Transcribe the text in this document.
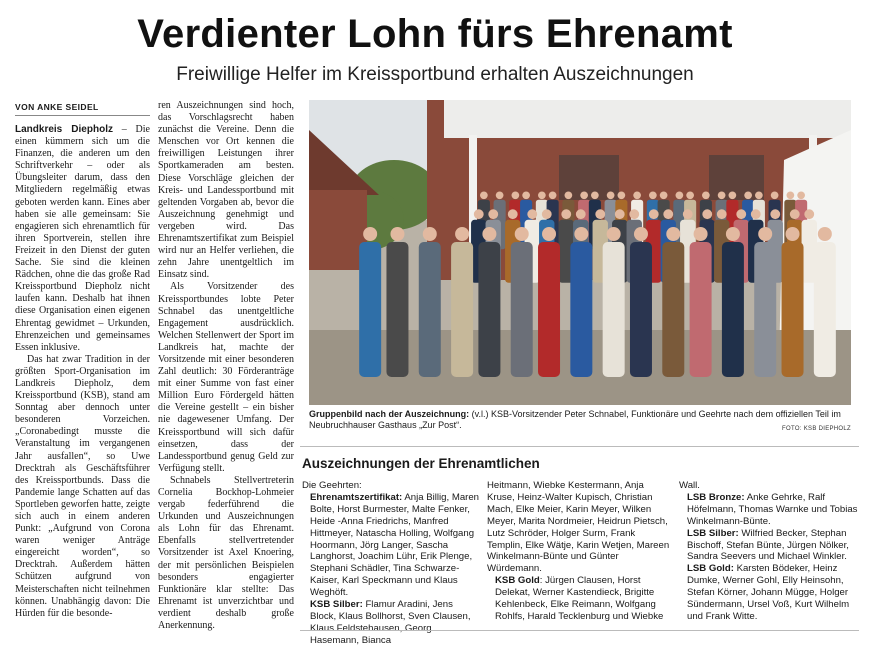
Verdienter Lohn fürs Ehrenamt
Freiwillige Helfer im Kreissportbund erhalten Auszeichnungen
VON ANKE SEIDEL

Landkreis Diepholz – Die einen kümmern sich um die Finanzen, die anderen um den Schriftverkehr – oder als Übungsleiter darum, dass den Mitgliedern regelmäßig etwas geboten werden kann. Eines aber haben sie alle gemeinsam: Sie engagieren sich ehrenamtlich für ihren Sportverein, stellen ihre Freizeit in den Dienst der guten Sache. Sie sind die kleinen Rädchen, ohne die das große Rad Kreissportbund Diepholz nicht laufen kann. Deshalb hat ihnen diese Organisation einen eigenen Ehrentag gewidmet – Urkunden, Ehrenzeichen und gemeinsames Essen inklusive.

Das hat zwar Tradition in der größten Sport-Organisation im Landkreis Diepholz, dem Kreissportbund (KSB), stand am Sonntag aber dennoch unter besonderen Vorzeichen. „Coronabedingt musste die Veranstaltung im vergangenen Jahr ausfallen“, so Uwe Drecktrah als Geschäftsführer des Kreissportbunds. Dass die Pandemie lange Schatten auf das Sportleben geworfen hatte, zeigte sich auch in einem anderen Punkt: „Aufgrund von Corona waren weniger Anträge eingereicht worden“, so Drecktrah. Außerdem hätten Schützen aufgrund von Meisterschaften nicht teilnehmen können. Unabhängig davon: Die Hürden für die besonde-

ren Auszeichnungen sind hoch, das Vorschlagsrecht haben zunächst die Vereine. Denn die Menschen vor Ort kennen die freiwilligen Leistungen ihrer Sportkameraden am besten. Diese Vorschläge gleichen der Kreis- und Landessportbund mit geltenden Vorgaben ab, bevor die Auszeichnung genehmigt und vergeben wird. Das Ehrenamtszertifikat zum Beispiel wird nur an Helfer verliehen, die zehn Jahre unentgeltlich im Einsatz sind.

Als Vorsitzender des Kreissportbundes lobte Peter Schnabel das unentgeltliche Engagement ausdrücklich. Welchen Stellenwert der Sport im Landkreis hat, machte der Vorsitzende mit einer besonderen Zahl deutlich: 30 Förderanträge mit einer Summe von fast einer Million Euro Fördergeld hätten die Vereine gestellt – ein bisher nie dagewesener Umfang. Der Kreissportbund will sich dafür einsetzen, dass der Landessportbund genug Geld zur Verfügung stellt.

Schnabels Stellvertreterin Cornelia Bockhop-Lohmeier vergab federführend die Urkunden und Auszeichnungen als Lohn für das Ehrenamt. Ebenfalls stellvertretender Vorsitzender ist Axel Knoering, der mit persönlichen Beispielen besonders engagierter Funktionäre klar stellte: Das Ehrenamt ist unverzichtbar und verdient deshalb große Anerkennung.

Gruppenbild nach der Auszeichnung: (v.l.) KSB-Vorsitzender Peter Schnabel, Funktionäre und Geehrte nach dem offiziellen Teil im Neubruchhauser Gasthaus „Zur Post“.	FOTO: KSB DIEPHOLZ
Auszeichnungen der Ehrenamtlichen
Die Geehrten:
Ehrenamtszertifikat: Anja Billig, Maren Bolte, Horst Burmester, Malte Fenker, Heide -Anna Friedrichs, Manfred Hittmeyer, Natascha Holling, Wolfgang Hoormann, Jörg Langer, Sascha Langhorst, Joachim Lühr, Erik Plenge, Stephani Schädler, Tina Schwarze-Kaiser, Karl Speckmann und Klaus Weghöft.
KSB Silber: Flamur Aradini, Jens Block, Klaus Bollhorst, Sven Clausen, Klaus Feldstehausen, Georg Hasemann, Bianca
Heitmann, Wiebke Kestermann, Anja Kruse, Heinz-Walter Kupisch, Christian Mach, Elke Meier, Karin Meyer, Wilken Meyer, Marita Nordmeier, Heidrun Pietsch, Lutz Schröder, Holger Surm, Frank Templin, Elke Wätje, Karin Wetjen, Mareen Winkelmann-Bünte und Günter Würdemann.
KSB Gold: Jürgen Clausen, Horst Delekat, Werner Kastendieck, Brigitte Kehlenbeck, Elke Reimann, Wolfgang Rohlfs, Harald Tecklenburg und Wiebke
Wall.
LSB Bronze: Anke Gehrke, Ralf Höfelmann, Thomas Warnke und Tobias Winkelmann-Bünte.
LSB Silber: Wilfried Becker, Stephan Bischoff, Stefan Bünte, Jürgen Nölker, Sandra Seevers und Michael Winkler.
LSB Gold: Karsten Bödeker, Heinz Dumke, Werner Gohl, Elly Heinsohn, Stefan Körner, Johann Mügge, Holger Sündermann, Ursel Voß, Kurt Wilhelm und Frank Witte.
